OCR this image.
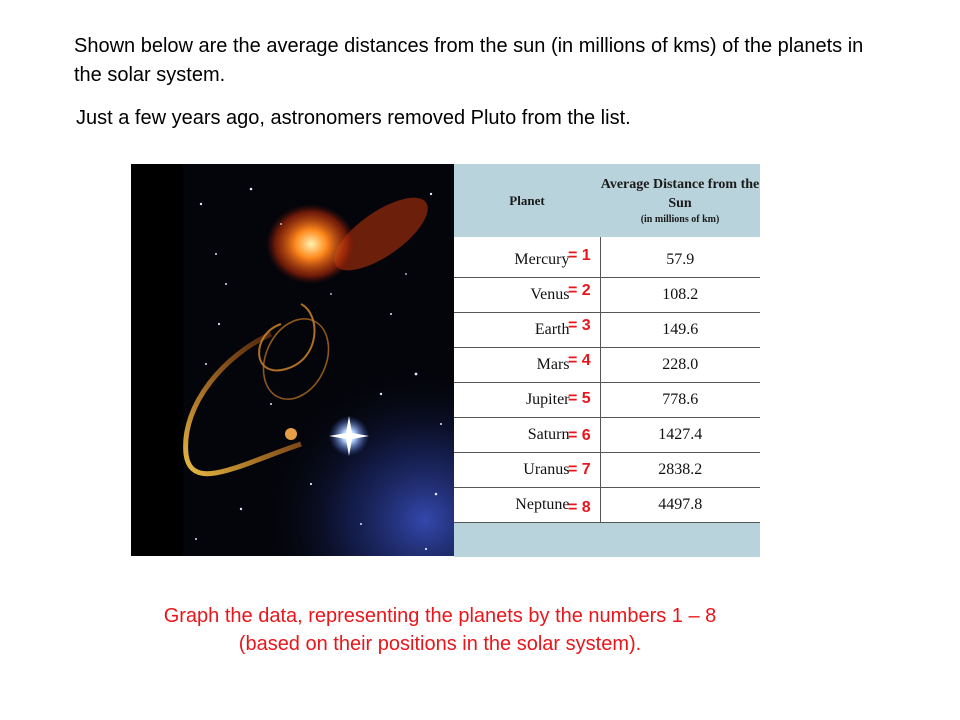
Shown below are the average distances from the sun (in millions of kms) of the planets in the solar system.
Just a few years ago, astronomers removed Pluto from the list.
Planet	Average Distance from the Sun
(in millions of km)

Mercury	57.9
Venus	108.2
Earth	149.6
Mars	228.0
Jupiter	778.6
Saturn	1427.4
Uranus	2838.2
Neptune	4497.8

= 1
= 2
= 3
= 4
= 5
= 6
= 7
= 8
Graph the data, representing the planets by the numbers 1 – 8
(based on their positions in the solar system).
